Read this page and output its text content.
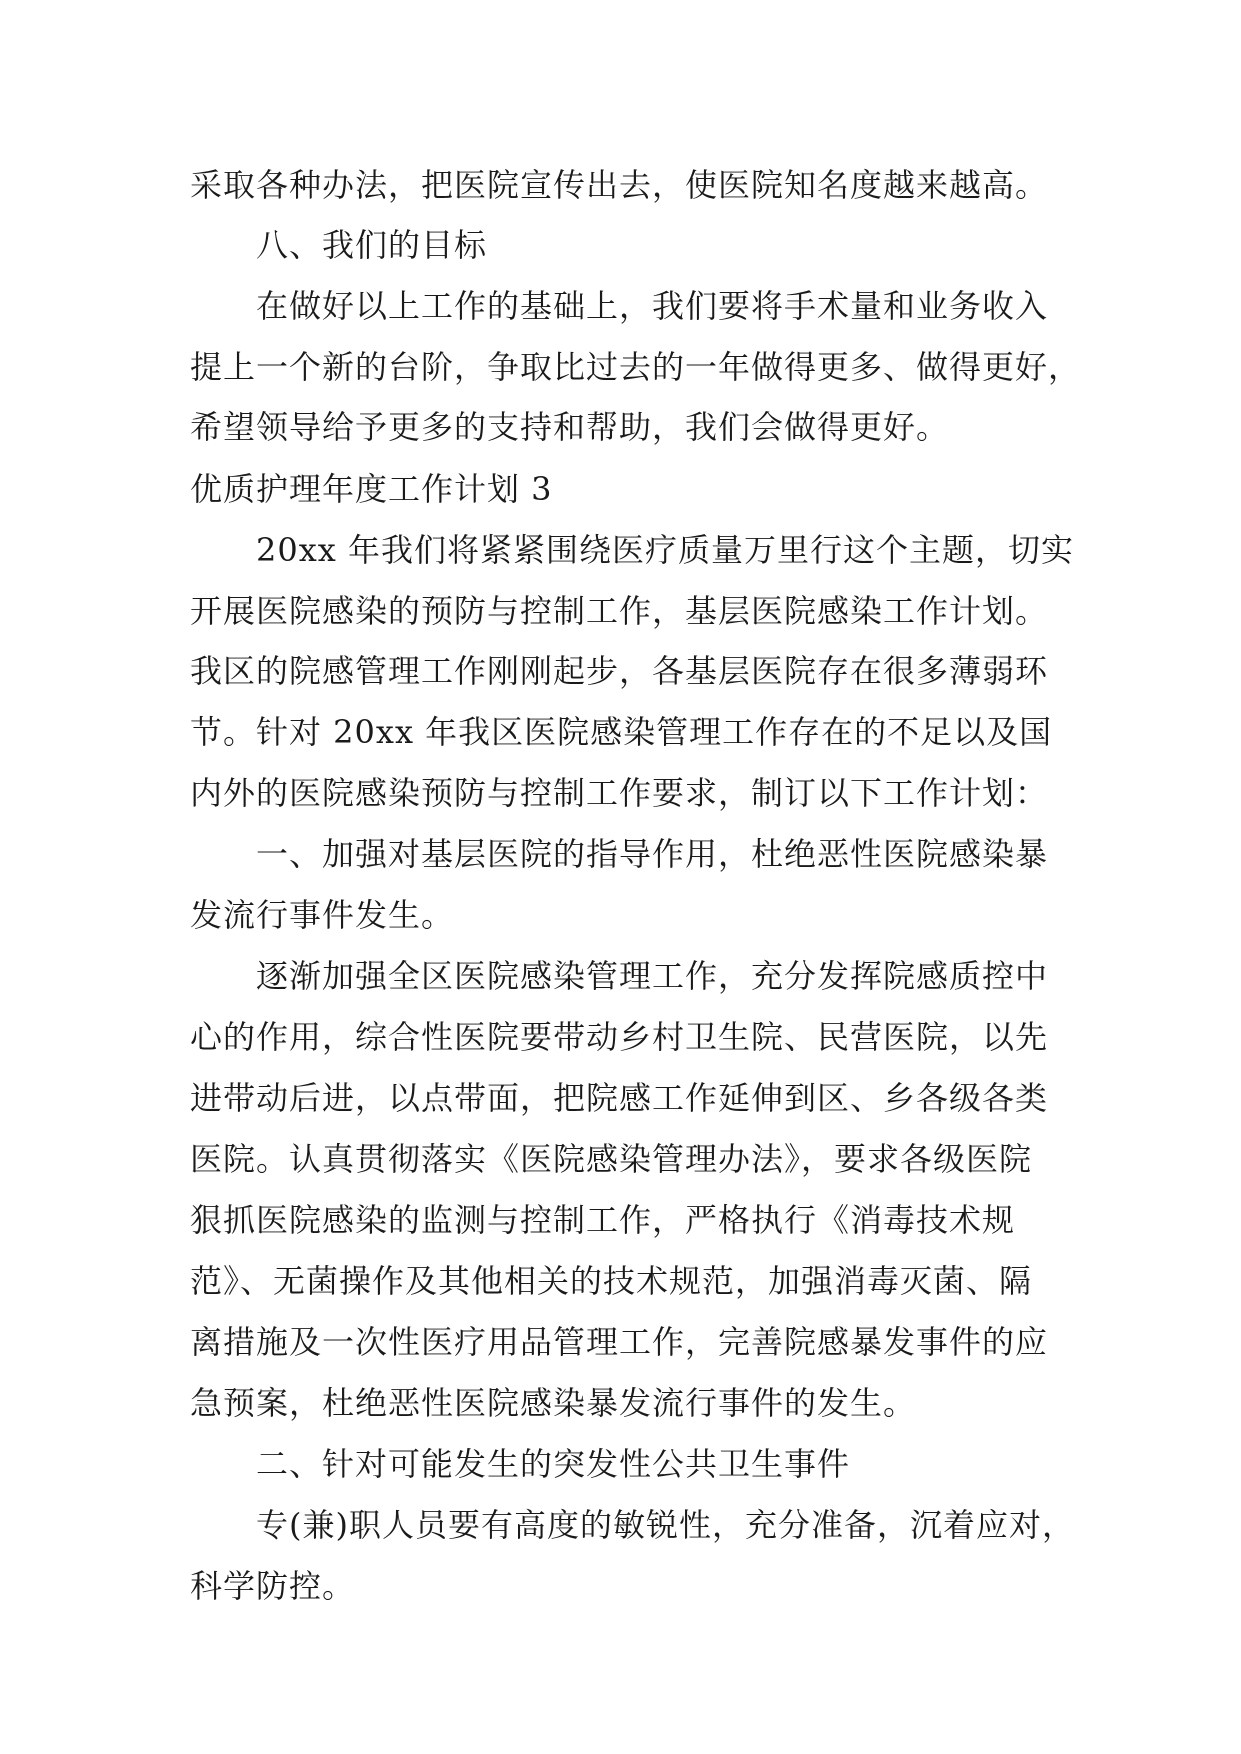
采取各种办法，把医院宣传出去，使医院知名度越来越高。
八、我们的目标
在做好以上工作的基础上，我们要将手术量和业务收入
提上一个新的台阶，争取比过去的一年做得更多、做得更好，
希望领导给予更多的支持和帮助，我们会做得更好。
优质护理年度工作计划 3
20xx 年我们将紧紧围绕医疗质量万里行这个主题，切实
开展医院感染的预防与控制工作，基层医院感染工作计划。
我区的院感管理工作刚刚起步，各基层医院存在很多薄弱环
节。针对 20xx 年我区医院感染管理工作存在的不足以及国
内外的医院感染预防与控制工作要求，制订以下工作计划：
一、加强对基层医院的指导作用，杜绝恶性医院感染暴
发流行事件发生。
逐渐加强全区医院感染管理工作，充分发挥院感质控中
心的作用，综合性医院要带动乡村卫生院、民营医院，以先
进带动后进，以点带面，把院感工作延伸到区、乡各级各类
医院。认真贯彻落实《医院感染管理办法》，要求各级医院
狠抓医院感染的监测与控制工作，严格执行《消毒技术规
范》、无菌操作及其他相关的技术规范，加强消毒灭菌、隔
离措施及一次性医疗用品管理工作，完善院感暴发事件的应
急预案，杜绝恶性医院感染暴发流行事件的发生。
二、针对可能发生的突发性公共卫生事件
专(兼)职人员要有高度的敏锐性，充分准备，沉着应对，
科学防控。
